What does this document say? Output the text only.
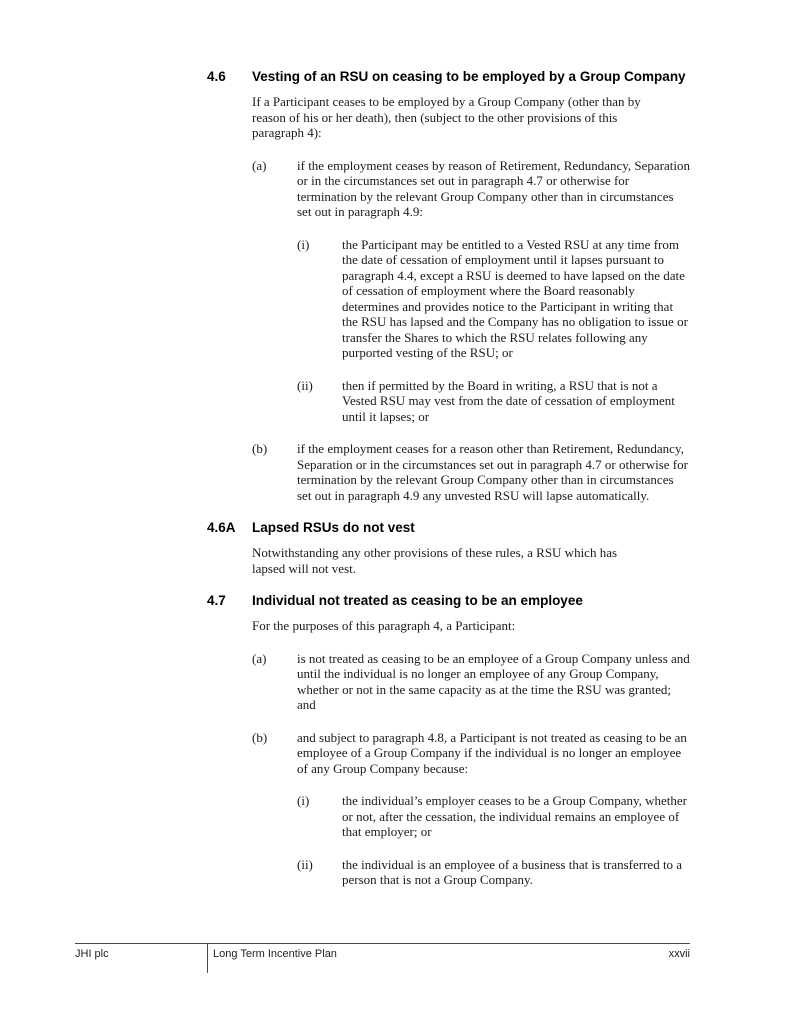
4.6	Vesting of an RSU on ceasing to be employed by a Group Company

If a Participant ceases to be employed by a Group Company (other than by reason of his or her death), then (subject to the other provisions of this paragraph 4):

(a)	if the employment ceases by reason of Retirement, Redundancy, Separation or in the circumstances set out in paragraph 4.7 or otherwise for termination by the relevant Group Company other than in circumstances set out in paragraph 4.9:

(i)	the Participant may be entitled to a Vested RSU at any time from the date of cessation of employment until it lapses pursuant to paragraph 4.4, except a RSU is deemed to have lapsed on the date of cessation of employment where the Board reasonably determines and provides notice to the Participant in writing that the RSU has lapsed and the Company has no obligation to issue or transfer the Shares to which the RSU relates following any purported vesting of the RSU; or

(ii)	then if permitted by the Board in writing, a RSU that is not a Vested RSU may vest from the date of cessation of employment until it lapses; or

(b)	if the employment ceases for a reason other than Retirement, Redundancy, Separation or in the circumstances set out in paragraph 4.7 or otherwise for termination by the relevant Group Company other than in circumstances set out in paragraph 4.9 any unvested RSU will lapse automatically.

4.6A	Lapsed RSUs do not vest

Notwithstanding any other provisions of these rules, a RSU which has lapsed will not vest.

4.7	Individual not treated as ceasing to be an employee

For the purposes of this paragraph 4, a Participant:

(a)	is not treated as ceasing to be an employee of a Group Company unless and until the individual is no longer an employee of any Group Company, whether or not in the same capacity as at the time the RSU was granted; and

(b)	and subject to paragraph 4.8, a Participant is not treated as ceasing to be an employee of a Group Company if the individual is no longer an employee of any Group Company because:

(i)	the individual’s employer ceases to be a Group Company, whether or not, after the cessation, the individual remains an employee of that employer; or

(ii)	the individual is an employee of a business that is transferred to a person that is not a Group Company.

JHI plc	Long Term Incentive Plan	xxvii
